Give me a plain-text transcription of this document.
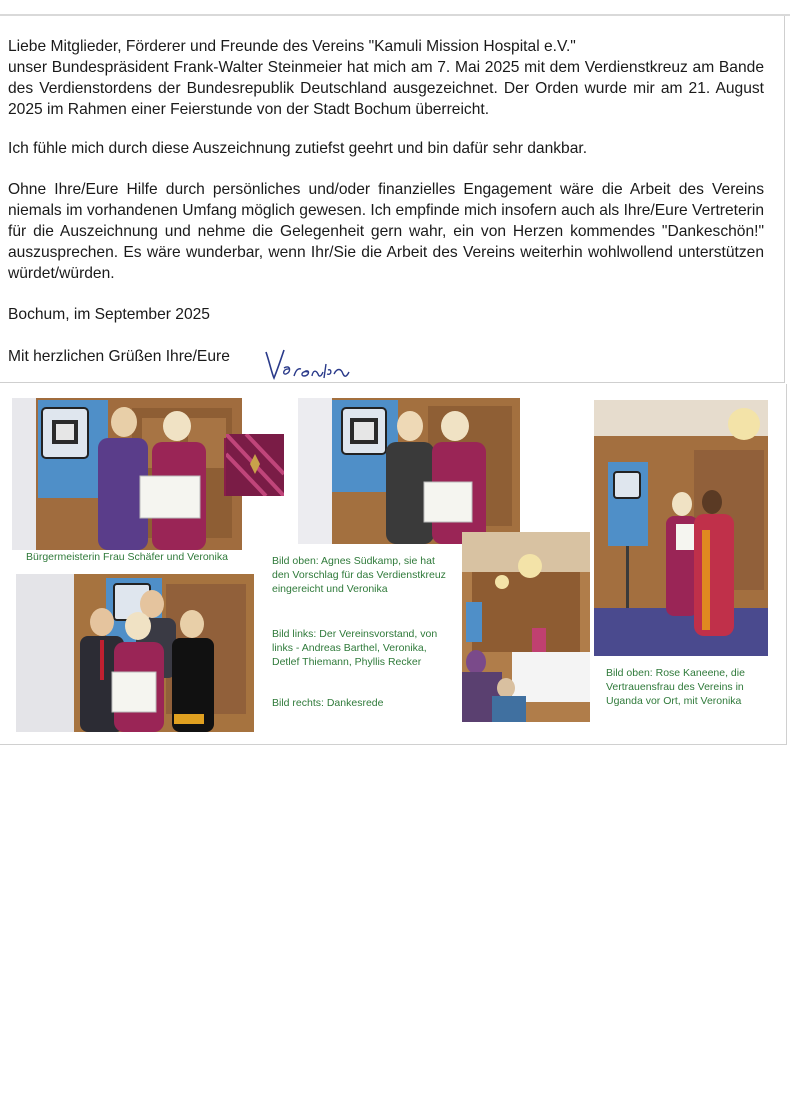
Liebe Mitglieder, Förderer und Freunde des Vereins "Kamuli Mission Hospital e.V."

unser Bundespräsident Frank-Walter Steinmeier hat mich am 7. Mai 2025 mit dem Verdienstkreuz am Bande des Verdienstordens der Bundesrepublik Deutschland ausgezeichnet. Der Orden wurde mir am 21. August 2025 im Rahmen einer Feierstunde von der Stadt Bochum überreicht.

Ich fühle mich durch diese Auszeichnung zutiefst geehrt und bin dafür sehr dankbar.

Ohne Ihre/Eure Hilfe durch persönliches und/oder finanzielles Engagement wäre die Arbeit des Vereins niemals im vorhandenen Umfang möglich gewesen. Ich empfinde mich insofern auch als Ihre/Eure Vertreterin für die Auszeichnung und nehme die Gelegenheit gern wahr, ein von Herzen kommendes "Dankeschön!" auszusprechen. Es wäre wunderbar, wenn Ihr/Sie die Arbeit des Vereins weiterhin wohlwollend unterstützen würdet/würden.

Bochum, im September 2025

Mit herzlichen Grüßen Ihre/Eure

Bürgermeisterin Frau Schäfer und Veronika	Bild oben: Agnes Südkamp, sie hat den Vorschlag für das Verdienstkreuz eingereicht und Veronika

Bild links: Der Vereinsvorstand, von links - Andreas Barthel, Veronika, Detlef Thiemann, Phyllis Recker

Bild rechts: Dankesrede

Bild oben: Rose Kaneene, die Vertrauensfrau des Vereins in Uganda vor Ort, mit Veronika
